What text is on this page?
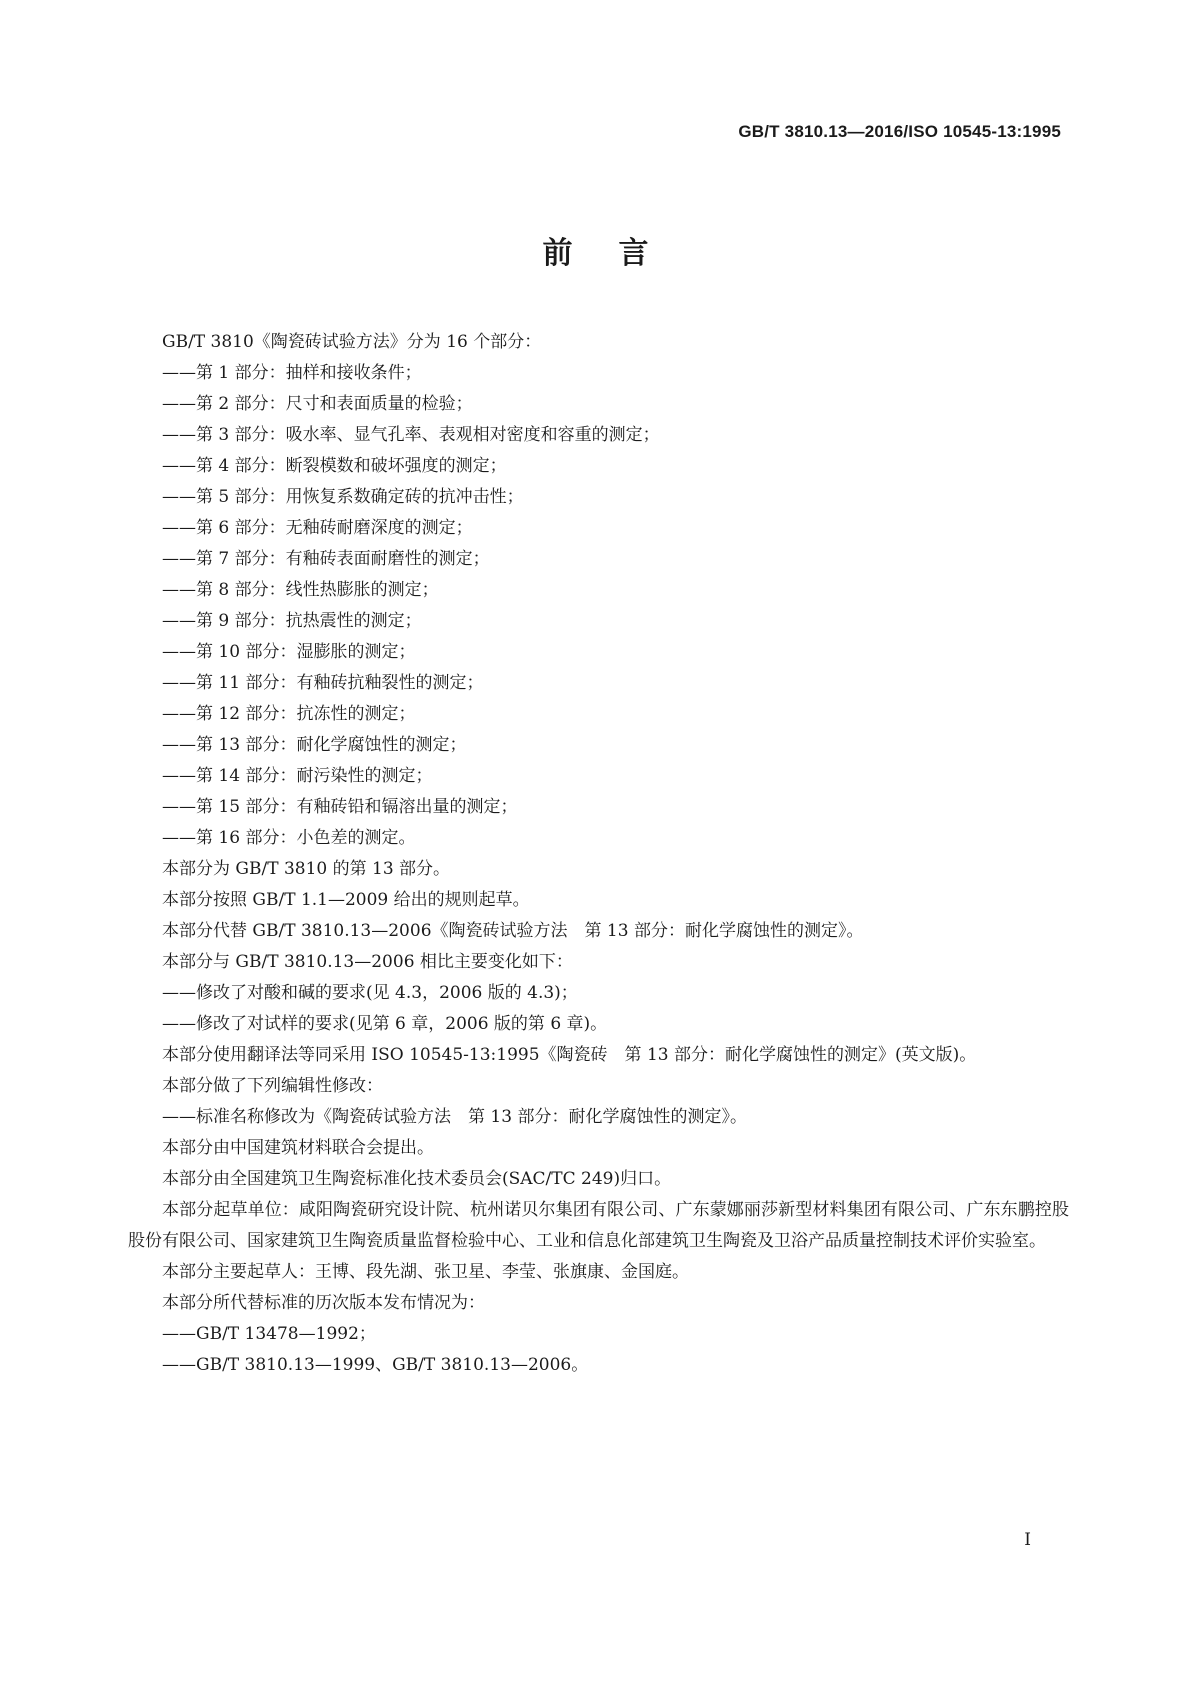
GB/T 3810.13—2016/ISO 10545-13:1995
前言

GB/T 3810《陶瓷砖试验方法》分为 16 个部分：

——第 1 部分：抽样和接收条件；

——第 2 部分：尺寸和表面质量的检验；

——第 3 部分：吸水率、显气孔率、表观相对密度和容重的测定；

——第 4 部分：断裂模数和破坏强度的测定；

——第 5 部分：用恢复系数确定砖的抗冲击性；

——第 6 部分：无釉砖耐磨深度的测定；

——第 7 部分：有釉砖表面耐磨性的测定；

——第 8 部分：线性热膨胀的测定；

——第 9 部分：抗热震性的测定；

——第 10 部分：湿膨胀的测定；

——第 11 部分：有釉砖抗釉裂性的测定；

——第 12 部分：抗冻性的测定；

——第 13 部分：耐化学腐蚀性的测定；

——第 14 部分：耐污染性的测定；

——第 15 部分：有釉砖铅和镉溶出量的测定；

——第 16 部分：小色差的测定。

本部分为 GB/T 3810 的第 13 部分。

本部分按照 GB/T 1.1—2009 给出的规则起草。

本部分代替 GB/T 3810.13—2006《陶瓷砖试验方法　第 13 部分：耐化学腐蚀性的测定》。

本部分与 GB/T 3810.13—2006 相比主要变化如下：

——修改了对酸和碱的要求(见 4.3，2006 版的 4.3)；

——修改了对试样的要求(见第 6 章，2006 版的第 6 章)。

本部分使用翻译法等同采用 ISO 10545-13:1995《陶瓷砖　第 13 部分：耐化学腐蚀性的测定》(英文版)。

本部分做了下列编辑性修改：

——标准名称修改为《陶瓷砖试验方法　第 13 部分：耐化学腐蚀性的测定》。

本部分由中国建筑材料联合会提出。

本部分由全国建筑卫生陶瓷标准化技术委员会(SAC/TC 249)归口。

本部分起草单位：咸阳陶瓷研究设计院、杭州诺贝尔集团有限公司、广东蒙娜丽莎新型材料集团有限公司、广东东鹏控股股份有限公司、国家建筑卫生陶瓷质量监督检验中心、工业和信息化部建筑卫生陶瓷及卫浴产品质量控制技术评价实验室。

本部分主要起草人：王博、段先湖、张卫星、李莹、张旗康、金国庭。

本部分所代替标准的历次版本发布情况为：

——GB/T 13478—1992；

——GB/T 3810.13—1999、GB/T 3810.13—2006。

I
